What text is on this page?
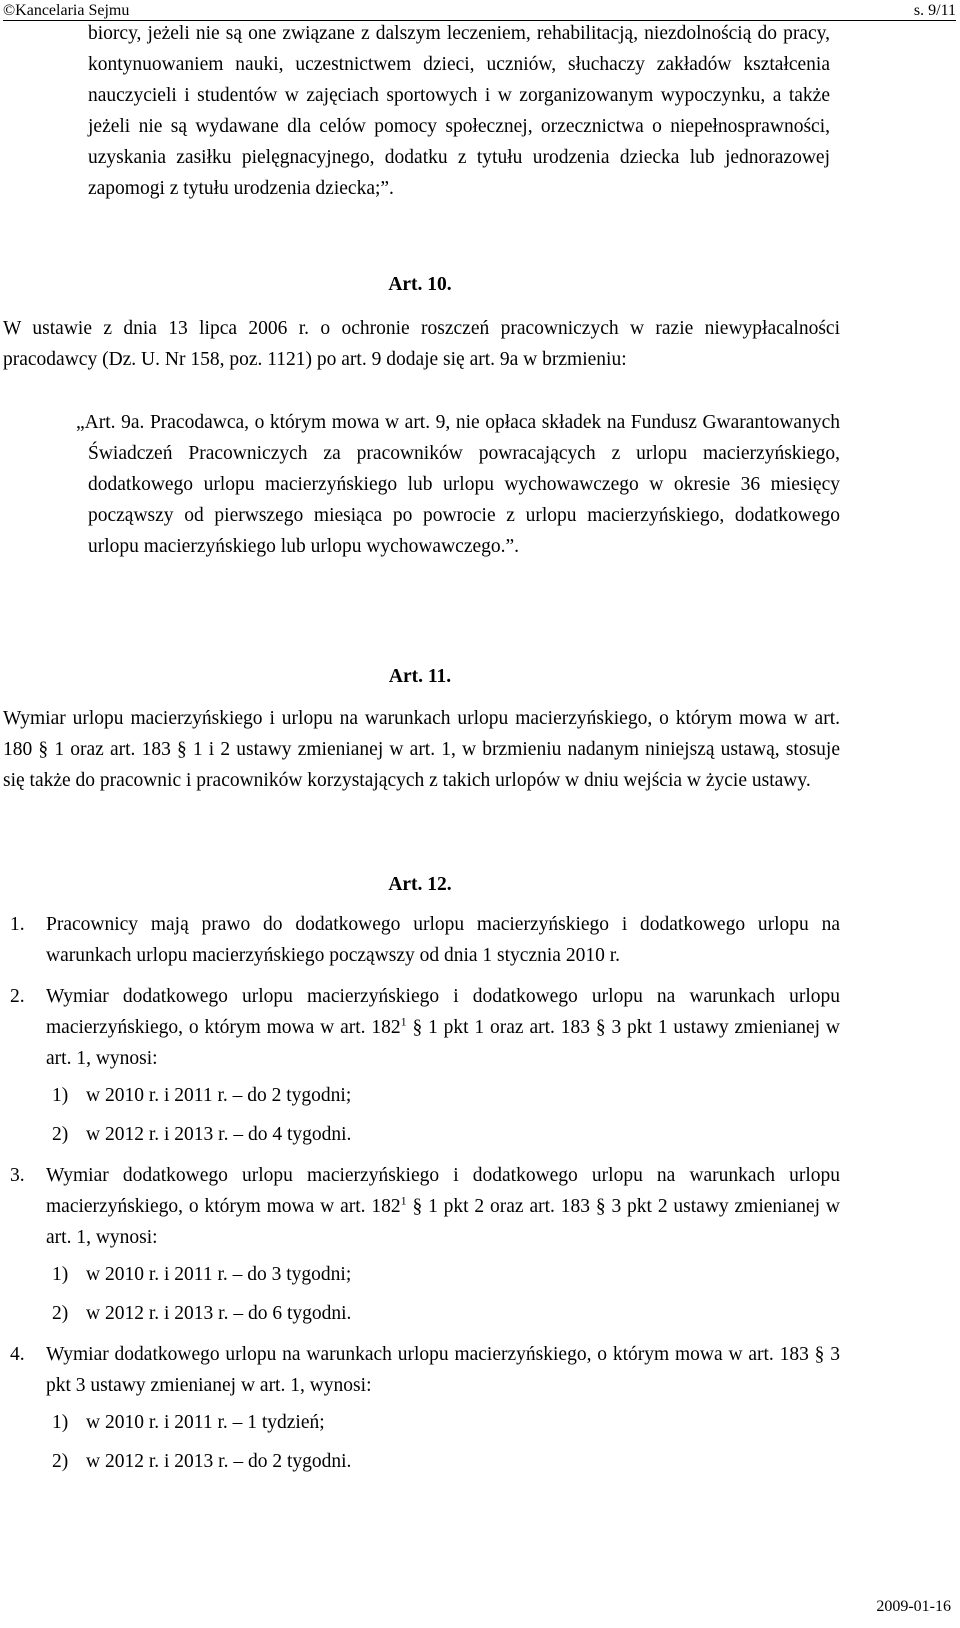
©Kancelaria Sejmu	s. 9/11

biorcy, jeżeli nie są one związane z dalszym leczeniem, rehabilitacją, niezdolnością do pracy, kontynuowaniem nauki, uczestnictwem dzieci, uczniów, słuchaczy zakładów kształcenia nauczycieli i studentów w zajęciach sportowych i w zorganizowanym wypoczynku, a także jeżeli nie są wydawane dla celów pomocy społecznej, orzecznictwa o niepełnosprawności, uzyskania zasiłku pielęgnacyjnego, dodatku z tytułu urodzenia dziecka lub jednorazowej zapomogi z tytułu urodzenia dziecka;”.

Art. 10.

W ustawie z dnia 13 lipca 2006 r. o ochronie roszczeń pracowniczych w razie niewypłacalności pracodawcy (Dz. U. Nr 158, poz. 1121) po art. 9 dodaje się art. 9a w brzmieniu:

„Art. 9a. Pracodawca, o którym mowa w art. 9, nie opłaca składek na Fundusz Gwarantowanych Świadczeń Pracowniczych za pracowników powracających z urlopu macierzyńskiego, dodatkowego urlopu macierzyńskiego lub urlopu wychowawczego w okresie 36 miesięcy począwszy od pierwszego miesiąca po powrocie z urlopu macierzyńskiego, dodatkowego urlopu macierzyńskiego lub urlopu wychowawczego.”.

Art. 11.

Wymiar urlopu macierzyńskiego i urlopu na warunkach urlopu macierzyńskiego, o którym mowa w art. 180 § 1 oraz art. 183 § 1 i 2 ustawy zmienianej w art. 1, w brzmieniu nadanym niniejszą ustawą, stosuje się także do pracownic i pracowników korzystających z takich urlopów w dniu wejścia w życie ustawy.

Art. 12.
1.	Pracownicy mają prawo do dodatkowego urlopu macierzyńskiego i dodatkowego urlopu na warunkach urlopu macierzyńskiego począwszy od dnia 1 stycznia 2010 r.
2.	Wymiar dodatkowego urlopu macierzyńskiego i dodatkowego urlopu na warunkach urlopu macierzyńskiego, o którym mowa w art. $182^1$ § 1 pkt 1 oraz art. 183 § 3 pkt 1 ustawy zmienianej w art. 1, wynosi:
1) w 2010 r. i 2011 r. – do 2 tygodni;
2) w 2012 r. i 2013 r. – do 4 tygodni.
3.	Wymiar dodatkowego urlopu macierzyńskiego i dodatkowego urlopu na warunkach urlopu macierzyńskiego, o którym mowa w art. $182^1$ § 1 pkt 2 oraz art. 183 § 3 pkt 2 ustawy zmienianej w art. 1, wynosi:
1) w 2010 r. i 2011 r. – do 3 tygodni;
2) w 2012 r. i 2013 r. – do 6 tygodni.
4.	Wymiar dodatkowego urlopu na warunkach urlopu macierzyńskiego, o którym mowa w art. 183 § 3 pkt 3 ustawy zmienianej w art. 1, wynosi:
1) w 2010 r. i 2011 r. – 1 tydzień;
2) w 2012 r. i 2013 r. – do 2 tygodni.
2009-01-16
